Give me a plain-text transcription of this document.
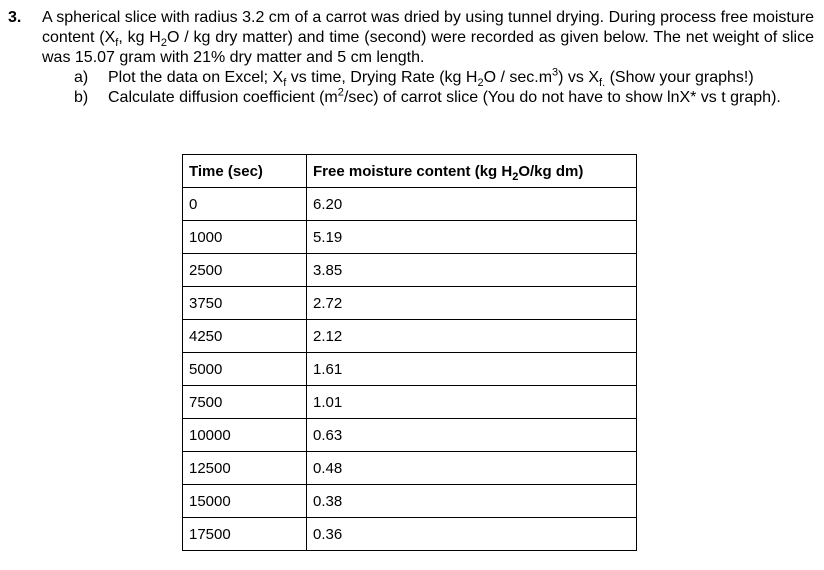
3.	A spherical slice with radius 3.2 cm of a carrot was dried by using tunnel drying. During process free moisture content ($X_f$, kg $H_2O$ / kg dry matter) and time (second) were recorded as given below. The net weight of slice was 15.07 gram with 21% dry matter and 5 cm length.
a)	Plot the data on Excel; $X_f$ vs time, Drying Rate (kg $H_2O / \sec.m^3$) vs $X_{f.}$ (Show your graphs!)
b)	Calculate diffusion coefficient $(m^2/\sec)$ of carrot slice (You do not have to show lnX* vs t graph).
Time (sec)	Free moisture content (kg $H_2O/kg$ dm)
0	6.20
1000	5.19
2500	3.85
3750	2.72
4250	2.12
5000	1.61
7500	1.01
10000	0.63
12500	0.48
15000	0.38
17500	0.36
